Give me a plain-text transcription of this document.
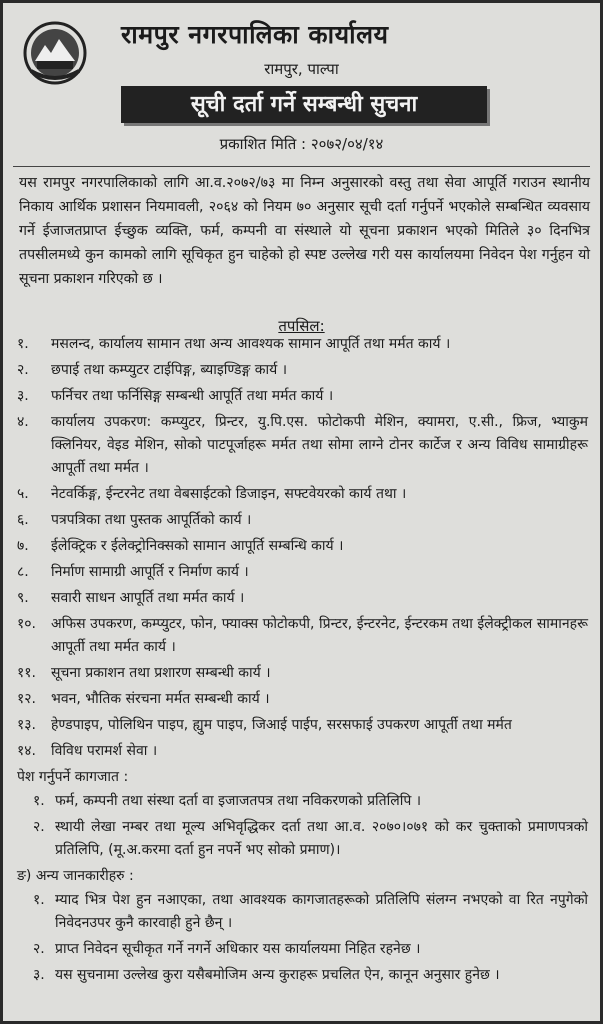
रामपुर नगरपालिका कार्यालय
रामपुर, पाल्पा
सूची दर्ता गर्ने सम्बन्धी सुचना
प्रकाशित मिति : २०७२/०४/१४
यस रामपुर नगरपालिकाको लागि आ.व.२०७२/७३ मा निम्न अनुसारको वस्तु तथा सेवा आपूर्ति गराउन स्थानीय निकाय आर्थिक प्रशासन नियमावली, २०६४ को नियम ७० अनुसार सूची दर्ता गर्नुपर्ने भएकोले सम्बन्धित व्यवसाय गर्ने ईजाजतप्राप्त ईच्छुक व्यक्ति, फर्म, कम्पनी वा संस्थाले यो सूचना प्रकाशन भएको मितिले ३० दिनभित्र तपसीलमध्ये कुन कामको लागि सूचिकृत हुन चाहेको हो स्पष्ट उल्लेख गरी यस कार्यालयमा निवेदन पेश गर्नुहन यो सूचना प्रकाशन गरिएको छ ।
तपसिल:
१.	मसलन्द, कार्यालय सामान तथा अन्य आवश्यक सामान आपूर्ति तथा मर्मत कार्य ।
२.	छपाई तथा कम्प्युटर टाईपिङ्ग, ब्याइण्डिङ्ग कार्य ।
३.	फर्निचर तथा फर्निसिङ्ग सम्बन्धी आपूर्ति तथा मर्मत कार्य ।
४.	कार्यालय उपकरण: कम्प्युटर, प्रिन्टर, यु.पि.एस. फोटोकपी मेशिन, क्यामरा, ए.सी., फ्रिज, भ्याकुम क्लिनियर, वेइड मेशिन, सोको पाटपूर्जाहरू मर्मत तथा सोमा लाग्ने टोनर कार्टेज र अन्य विविध सामाग्रीहरू आपूर्ती तथा मर्मत ।
५.	नेटवर्किङ्ग, ईन्टरनेट तथा वेबसाईटको डिजाइन, सफ्टवेयरको कार्य तथा ।
६.	पत्रपत्रिका तथा पुस्तक आपूर्तिको कार्य ।
७.	ईलेक्ट्रिक र ईलेक्ट्रोनिक्सको सामान आपूर्ति सम्बन्धि कार्य ।
८.	निर्माण सामाग्री आपूर्ति र निर्माण कार्य ।
९.	सवारी साधन आपूर्ति तथा मर्मत कार्य ।
१०.	अफिस उपकरण, कम्प्युटर, फोन, फ्याक्स फोटोकपी, प्रिन्टर, ईन्टरनेट, ईन्टरकम तथा ईलेक्ट्रीकल सामानहरू आपूर्ती तथा मर्मत कार्य ।
११.	सूचना प्रकाशन तथा प्रशारण सम्बन्धी कार्य ।
१२.	भवन, भौतिक संरचना मर्मत सम्बन्धी कार्य ।
१३.	हेण्डपाइप, पोलिथिन पाइप, ह्युम पाइप, जिआई पाईप, सरसफाई उपकरण आपूर्ती तथा मर्मत
१४.	विविध परामर्श सेवा ।
पेश गर्नुपर्ने कागजात :
१. फर्म, कम्पनी तथा संस्था दर्ता वा इजाजतपत्र तथा नविकरणको प्रतिलिपि ।
२. स्थायी लेखा नम्बर तथा मूल्य अभिवृद्धिकर दर्ता तथा आ.व. २०७०।०७१ को कर चुक्ताको प्रमाणपत्रको प्रतिलिपि, (मू.अ.करमा दर्ता हुन नपर्ने भए सोको प्रमाण)।
ङ) अन्य जानकारीहरु :
१. म्याद भित्र पेश हुन नआएका, तथा आवश्यक कागजातहरूको प्रतिलिपि संलग्न नभएको वा रित नपुगेको निवेदनउपर कुनै कारवाही हुने छैन् ।
२. प्राप्त निवेदन सूचीकृत गर्ने नगर्ने अधिकार यस कार्यालयमा निहित रहनेछ ।
३. यस सुचनामा उल्लेख कुरा यसैबमोजिम अन्य कुराहरू प्रचलित ऐन, कानून अनुसार हुनेछ ।
